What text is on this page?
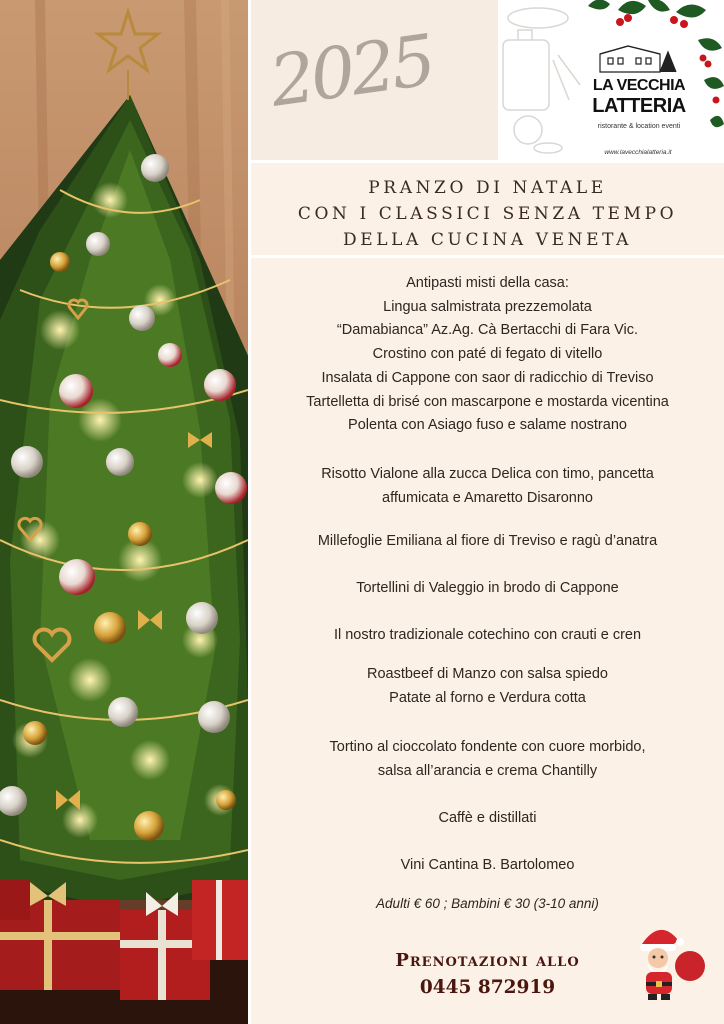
2025	LA VECCHIA
LATTERIA
ristorante & location eventi
www.lavecchialatteria.it
PRANZO DI NATALE
CON I CLASSICI SENZA TEMPO
DELLA CUCINA VENETA
Antipasti misti della casa:
Lingua salmistrata prezzemolata
“Damabianca” Az.Ag. Cà Bertacchi di Fara Vic.
Crostino con paté di fegato di vitello
Insalata di Cappone con saor di radicchio di Treviso
Tartelletta di brisé con mascarpone e mostarda vicentina
Polenta con Asiago fuso e salame nostrano
Risotto Vialone alla zucca Delica con timo, pancetta
affumicata e Amaretto Disaronno
Millefoglie Emiliana al fiore di Treviso e ragù d’anatra
Tortellini di Valeggio in brodo di Cappone
Il nostro tradizionale cotechino con crauti e cren
Roastbeef di Manzo con salsa spiedo
Patate al forno e Verdura cotta
Tortino al cioccolato fondente con cuore morbido,
salsa all’arancia e crema Chantilly
Caffè e distillati
Vini Cantina B. Bartolomeo
Adulti € 60 ; Bambini € 30 (3-10 anni)
Prenotazioni allo
0445 872919
